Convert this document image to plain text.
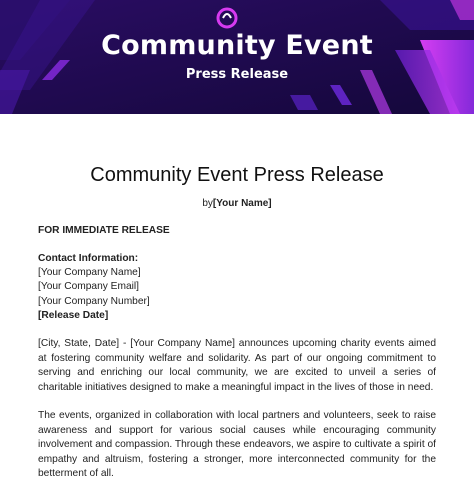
Community Event
Press Release
Community Event Press Release
by[Your Name]
FOR IMMEDIATE RELEASE
Contact Information:
[Your Company Name]
[Your Company Email]
[Your Company Number]
[Release Date]
[City, State, Date] - [Your Company Name] announces upcoming charity events aimed at fostering community welfare and solidarity. As part of our ongoing commitment to serving and enriching our local community, we are excited to unveil a series of charitable initiatives designed to make a meaningful impact in the lives of those in need.
The events, organized in collaboration with local partners and volunteers, seek to raise awareness and support for various social causes while encouraging community involvement and compassion. Through these endeavors, we aspire to cultivate a spirit of empathy and altruism, fostering a stronger, more interconnected community for the betterment of all.
